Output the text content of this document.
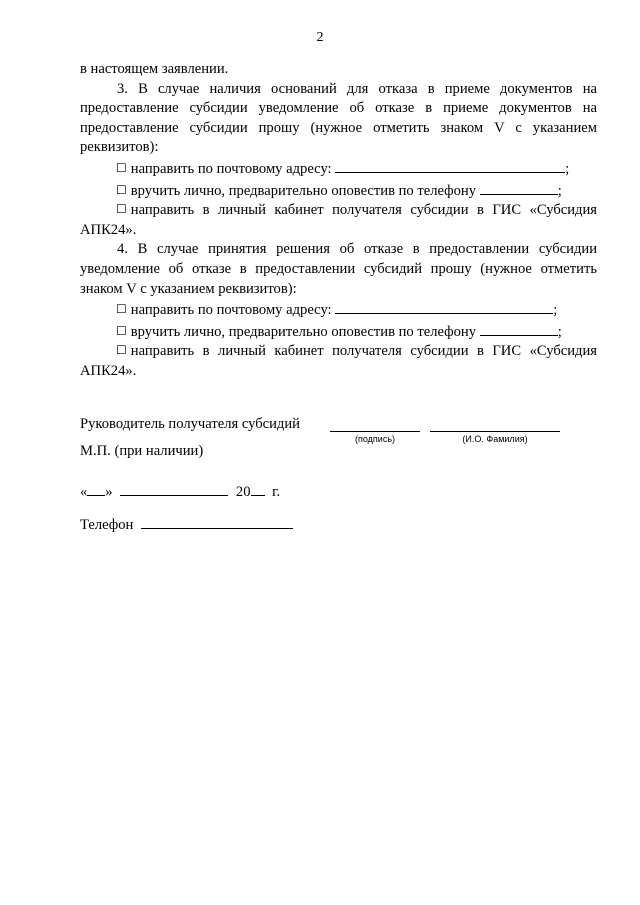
2

в настоящем заявлении.

3. В случае наличия оснований для отказа в приеме документов на предоставление субсидии уведомление об отказе в приеме документов на предоставление субсидии прошу (нужное отметить знаком V с указанием реквизитов):

☐ направить по почтовому адресу:	;

☐ вручить лично, предварительно оповестив по телефону	;

☐ направить в личный кабинет получателя субсидии в ГИС «Субсидия АПК24».

4. В случае принятия решения об отказе в предоставлении субсидии уведомление об отказе в предоставлении субсидий прошу (нужное отметить знаком V с указанием реквизитов):

☐ направить по почтовому адресу:	;

☐ вручить лично, предварительно оповестив по телефону	;

☐ направить в личный кабинет получателя субсидии в ГИС «Субсидия АПК24».

Руководитель получателя субсидий
(подпись)	(И.О. Фамилия)
М.П. (при наличии)
« »	20 г.
Телефон
